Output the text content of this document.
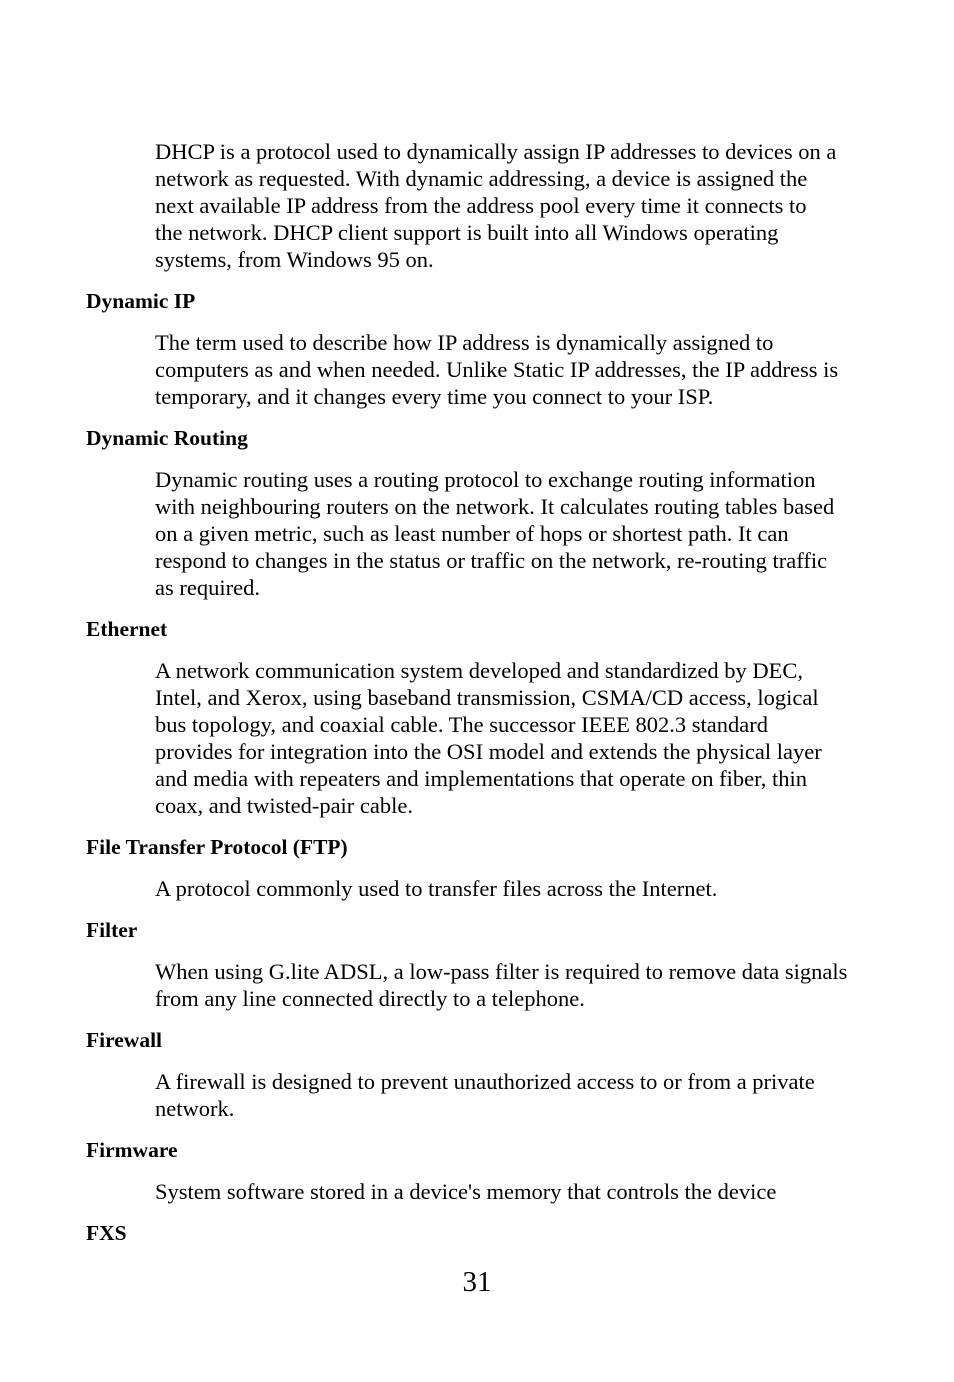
DHCP is a protocol used to dynamically assign IP addresses to devices on a
network as requested. With dynamic addressing, a device is assigned the
next available IP address from the address pool every time it connects to
the network. DHCP client support is built into all Windows operating
systems, from Windows 95 on.
Dynamic IP
The term used to describe how IP address is dynamically assigned to
computers as and when needed. Unlike Static IP addresses, the IP address is
temporary, and it changes every time you connect to your ISP.
Dynamic Routing
Dynamic routing uses a routing protocol to exchange routing information
with neighbouring routers on the network. It calculates routing tables based
on a given metric, such as least number of hops or shortest path. It can
respond to changes in the status or traffic on the network, re-routing traffic
as required.
Ethernet
A network communication system developed and standardized by DEC,
Intel, and Xerox, using baseband transmission, CSMA/CD access, logical
bus topology, and coaxial cable. The successor IEEE 802.3 standard
provides for integration into the OSI model and extends the physical layer
and media with repeaters and implementations that operate on fiber, thin
coax, and twisted-pair cable.
File Transfer Protocol (FTP)
A protocol commonly used to transfer files across the Internet.
Filter
When using G.lite ADSL, a low-pass filter is required to remove data signals
from any line connected directly to a telephone.
Firewall
A firewall is designed to prevent unauthorized access to or from a private
network.
Firmware
System software stored in a device's memory that controls the device
FXS
31
